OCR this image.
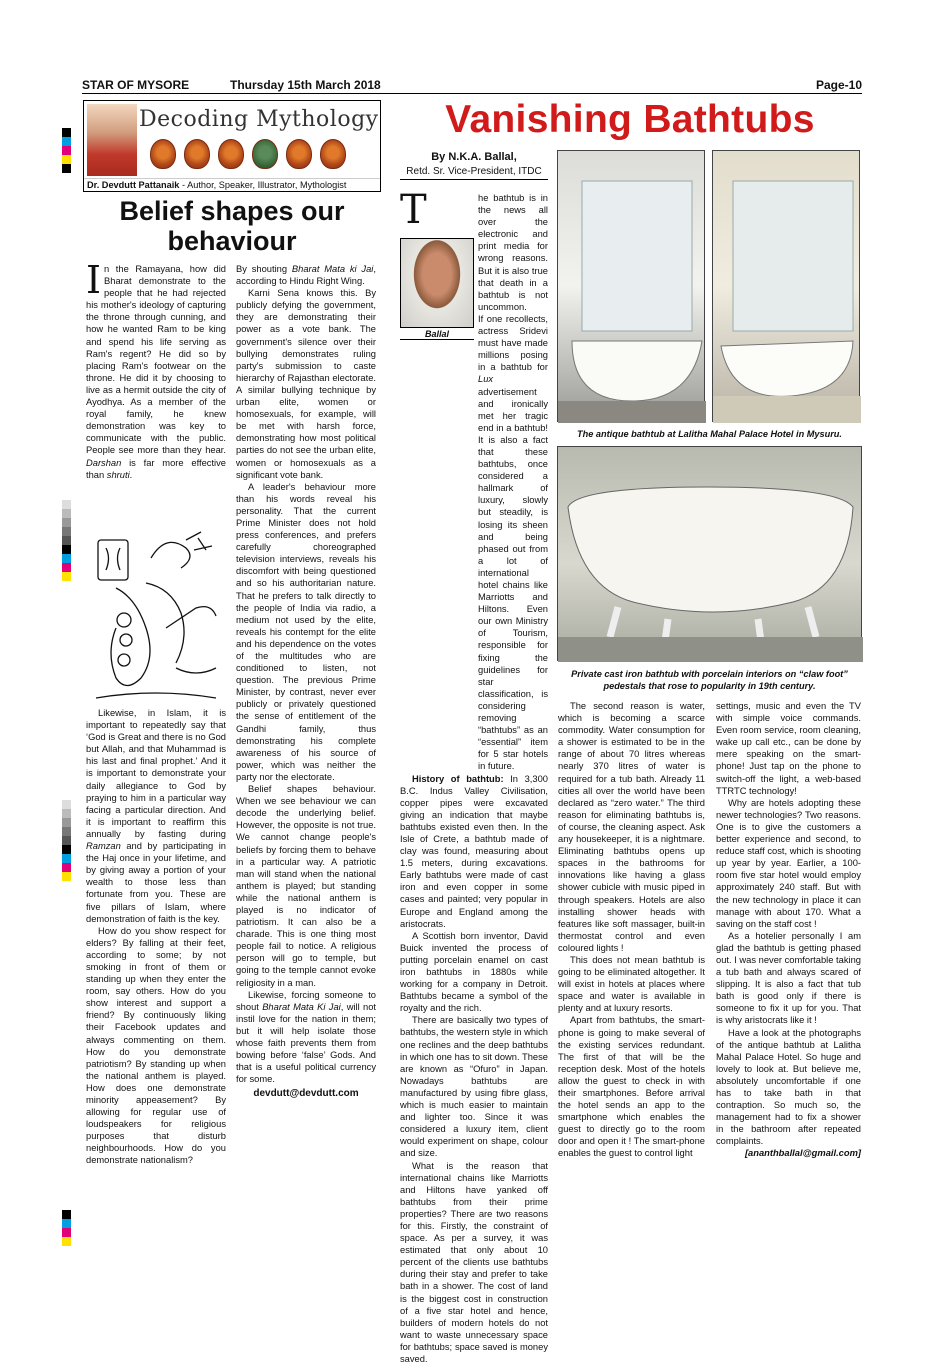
STAR OF MYSORE	Thursday 15th March 2018	Page-10
Decoding Mythology
Dr. Devdutt Pattanaik - Author, Speaker, Illustrator, Mythologist
Belief shapes our behaviour

In the Ramayana, how did Bharat demonstrate to the people that he had rejected his mother's ideology of capturing the throne through cunning, and how he wanted Ram to be king and spend his life serving as Ram's regent? He did so by placing Ram's footwear on the throne. He did it by choosing to live as a hermit outside the city of Ayodhya. As a member of the royal family, he knew demonstration was key to communicate with the public. People see more than they hear. Darshan is far more effective than shruti.

Likewise, in Islam, it is important to repeatedly say that ‘God is Great and there is no God but Allah, and that Muhammad is his last and final prophet.’ And it is important to demonstrate your daily allegiance to God by praying to him in a particular way facing a particular direction. And it is important to reaffirm this annually by fasting during Ramzan and by participating in the Haj once in your lifetime, and by giving away a portion of your wealth to those less than fortunate from you. These are five pillars of Islam, where demonstration of faith is the key.

How do you show respect for elders? By falling at their feet, according to some; by not smoking in front of them or standing up when they enter the room, say others. How do you show interest and support a friend? By continuously liking their Facebook updates and always commenting on them. How do you demonstrate patriotism? By standing up when the national anthem is played. How does one demonstrate minority appeasement? By allowing for regular use of loudspeakers for religious purposes that disturb neighbourhoods. How do you demonstrate nationalism?

By shouting Bharat Mata ki Jai, according to Hindu Right Wing.

Karni Sena knows this. By publicly defying the government, they are demonstrating their power as a vote bank. The government's silence over their bullying demonstrates ruling party's submission to caste hierarchy of Rajasthan electorate. A similar bullying technique by urban elite, women or homosexuals, for example, will be met with harsh force, demonstrating how most political parties do not see the urban elite, women or homosexuals as a significant vote bank.

A leader's behaviour more than his words reveal his personality. That the current Prime Minister does not hold press conferences, and prefers carefully choreographed television interviews, reveals his discomfort with being questioned and so his authoritarian nature. That he prefers to talk directly to the people of India via radio, a medium not used by the elite, reveals his contempt for the elite and his dependence on the votes of the multitudes who are conditioned to listen, not question. The previous Prime Minister, by contrast, never ever publicly or privately questioned the sense of entitlement of the Gandhi family, thus demonstrating his complete awareness of his source of power, which was neither the party nor the electorate.

Belief shapes behaviour. When we see behaviour we can decode the underlying belief. However, the opposite is not true. We cannot change people's beliefs by forcing them to behave in a particular way. A patriotic man will stand when the national anthem is played; but standing while the national anthem is played is no indicator of patriotism. It can also be a charade. This is one thing most people fail to notice. A religious person will go to temple, but going to the temple cannot evoke religiosity in a man.

Likewise, forcing someone to shout Bharat Mata Ki Jai, will not instil love for the nation in them; but it will help isolate those whose faith prevents them from bowing before ‘false’ Gods. And that is a useful political currency for some.

devdutt@devdutt.com

Vanishing Bathtubs
By N.K.A. Ballal,
Retd. Sr. Vice-President, ITDC
Ballal

T	he bathtub is in the news all over the electronic and print media for wrong reasons. But it is also true that death in a bathtub is not uncommon.

If one recollects, actress Sridevi must have made millions posing in a bathtub for Lux advertisement and ironically met her tragic end in a bathtub! It is also a fact that these bathtubs, once considered a hallmark of luxury, slowly but steadily, is losing its sheen and being phased out from a lot of international hotel chains like Marriotts and Hiltons. Even our own Ministry of Tourism, responsible for fixing the guidelines for star classification, is considering removing “bathtubs” as an “essential” item for 5 star hotels in future.

History of bathtub: In 3,300 B.C. Indus Valley Civilisation, copper pipes were excavated giving an indication that maybe bathtubs existed even then. In the Isle of Crete, a bathtub made of clay was found, measuring about 1.5 meters, during excavations. Early bathtubs were made of cast iron and even copper in some cases and painted; very popular in Europe and England among the aristocrats.

A Scottish born inventor, David Buick invented the process of putting porcelain enamel on cast iron bathtubs in 1880s while working for a company in Detroit. Bathtubs became a symbol of the royalty and the rich.

There are basically two types of bathtubs, the western style in which one reclines and the deep bathtubs in which one has to sit down. These are known as “Ofuro” in Japan. Nowadays bathtubs are manufactured by using fibre glass, which is much easier to maintain and lighter too. Since it was considered a luxury item, client would experiment on shape, colour and size.

What is the reason that international chains like Marriotts and Hiltons have yanked off bathtubs from their prime properties? There are two reasons for this. Firstly, the constraint of space. As per a survey, it was estimated that only about 10 percent of the clients use bathtubs during their stay and prefer to take bath in a shower. The cost of land is the biggest cost in construction of a five star hotel and hence, builders of modern hotels do not want to waste unnecessary space for bathtubs; space saved is money saved.

The antique bathtub at Lalitha Mahal Palace Hotel in Mysuru.
Private cast iron bathtub with porcelain interiors on “claw foot” pedestals that rose to popularity in 19th century.

The second reason is water, which is becoming a scarce commodity. Water consumption for a shower is estimated to be in the range of about 70 litres whereas nearly 370 litres of water is required for a tub bath. Already 11 cities all over the world have been declared as “zero water.” The third reason for eliminating bathtubs is, of course, the cleaning aspect. Ask any housekeeper, it is a nightmare. Eliminating bathtubs opens up spaces in the bathrooms for innovations like having a glass shower cubicle with music piped in through speakers. Hotels are also installing shower heads with features like soft massager, built-in thermostat control and even coloured lights !

This does not mean bathtub is going to be eliminated altogether. It will exist in hotels at places where space and water is available in plenty and at luxury resorts.

Apart from bathtubs, the smart-phone is going to make several of the existing services redundant. The first of that will be the reception desk. Most of the hotels allow the guest to check in with their smartphones. Before arrival the hotel sends an app to the smartphone which enables the guest to directly go to the room door and open it ! The smart-phone enables the guest to control light

settings, music and even the TV with simple voice commands. Even room service, room cleaning, wake up call etc., can be done by mere speaking on the smart-phone! Just tap on the phone to switch-off the light, a web-based TTRTC technology!

Why are hotels adopting these newer technologies? Two reasons. One is to give the customers a better experience and second, to reduce staff cost, which is shooting up year by year. Earlier, a 100-room five star hotel would employ approximately 240 staff. But with the new technology in place it can manage with about 170. What a saving on the staff cost !

As a hotelier personally I am glad the bathtub is getting phased out. I was never comfortable taking a tub bath and always scared of slipping. It is also a fact that tub bath is good only if there is someone to fix it up for you. That is why aristocrats like it !

Have a look at the photographs of the antique bathtub at Lalitha Mahal Palace Hotel. So huge and lovely to look at. But believe me, absolutely uncomfortable if one has to take bath in that contraption. So much so, the management had to fix a shower in the bathroom after repeated complaints.

[ananthballal@gmail.com]
